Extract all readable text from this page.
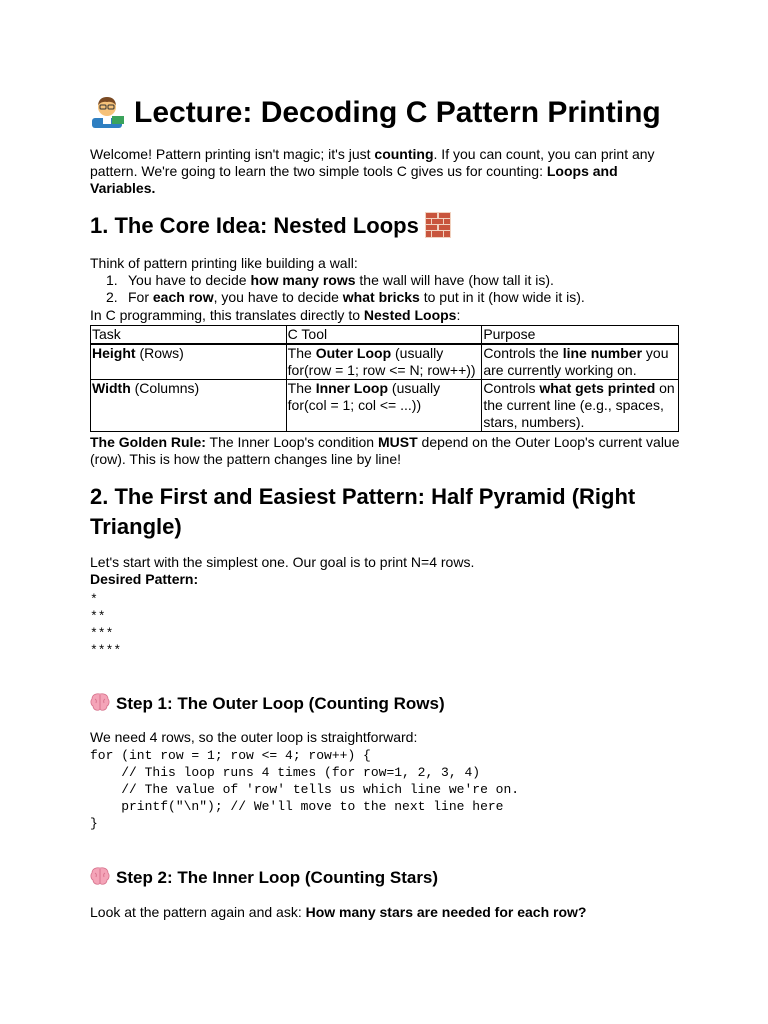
Lecture: Decoding C Pattern Printing

Welcome! Pattern printing isn't magic; it's just counting. If you can count, you can print any pattern. We're going to learn the two simple tools C gives us for counting: Loops and Variables.

1. The Core Idea: Nested Loops

Think of pattern printing like building a wall:

1. You have to decide how many rows the wall will have (how tall it is).
2. For each row, you have to decide what bricks to put in it (how wide it is).

In C programming, this translates directly to Nested Loops:

Task	C Tool	Purpose
Height (Rows)	The Outer Loop (usually for(row = 1; row <= N; row++))	Controls the line number you are currently working on.
Width (Columns)	The Inner Loop (usually for(col = 1; col <= ...))	Controls what gets printed on the current line (e.g., spaces, stars, numbers).

The Golden Rule: The Inner Loop's condition MUST depend on the Outer Loop's current value (row). This is how the pattern changes line by line!

2. The First and Easiest Pattern: Half Pyramid (Right Triangle)

Let's start with the simplest one. Our goal is to print N=4 rows.

Desired Pattern:

*
**
***
****
Step 1: The Outer Loop (Counting Rows)

We need 4 rows, so the outer loop is straightforward:

for (int row = 1; row <= 4; row++) {
// This loop runs 4 times (for row=1, 2, 3, 4)
// The value of 'row' tells us which line we're on.
printf("\n"); // We'll move to the next line here
}
Step 2: The Inner Loop (Counting Stars)

Look at the pattern again and ask: How many stars are needed for each row?
